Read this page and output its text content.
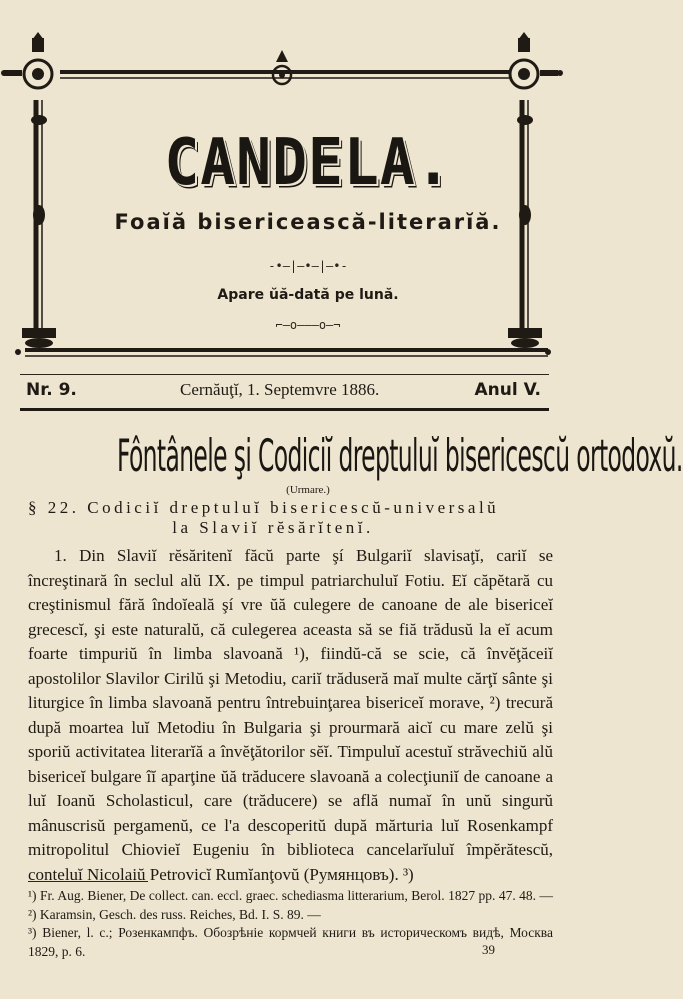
CANDELA.
Foaĭă bisericească-literarĭă.
-•—|—•—|—•-
Apare ŭă-dată pe lună.
⌐—o———o—¬
Nr. 9.	Cernăuţĭ, 1. Septemvre 1886.	Anul V.
Fôntânele şi Codiciĭ dreptuluĭ bisericescŭ ortodoxŭ.
(Urmare.)
§ 22. Codiciĭ dreptuluĭ bisericescŭ-universalŭ
la Slaviĭ rĕsărĭtenĭ.
1. Din Slaviĭ rĕsăritenĭ făcŭ parte şí Bulgariĭ slavisaţĭ, cariĭ se încreştinară în seclul alŭ IX. pe timpul patriarchuluĭ Fotiu. Eĭ căpĕtară cu creştinismul fără îndoĭeală şí vre ŭă culegere de canoane de ale bisericeĭ grecescĭ, şi este naturalŭ, că culegerea aceasta să se fiă trădusŭ la eĭ acum foarte timpuriŭ în limba slavoană ¹), fiindŭ-că se scie, că învĕţăceiĭ apostolilor Slavilor Cirilŭ şi Metodiu, cariĭ trăduseră maĭ multe cărţĭ sânte şi liturgice în limba slavoană pentru întrebuinţarea bisericeĭ morave, ²) trecură după moartea luĭ Metodiu în Bulgaria şi prourmară aicĭ cu mare zelŭ şi sporiŭ activitatea literarĭă a învĕţătorilor sĕĭ. Timpuluĭ acestuĭ străvechiŭ alŭ bisericeĭ bulgare îĭ aparţine ŭă trăducere slavoană a colecţiuniĭ de canoane a luĭ Ioanŭ Scholasticul, care (trăducere) se află numaĭ în unŭ singurŭ mânuscrisŭ pergamenŭ, ce l'a descoperitŭ după mărturia luĭ Rosenkampf mitropolitul Chioviеĭ Eugeniu în biblioteca cancelarĭuluĭ împĕrătescŭ, conteluĭ Nicolaiŭ Petrovicĭ Rumĭanţovŭ (Румянцовъ). ³)

¹) Fr. Aug. Biener, De collect. can. eccl. graec. schediasma litterarium, Berol. 1827 pp. 47. 48. — ²) Karamsin, Gesch. des russ. Reiches, Bd. I. S. 89. —

³) Biener, l. c.; Розенкампфъ. Обозрѣніе кормчей книги въ историческомъ видѣ, Москва 1829, р. 6.	39
